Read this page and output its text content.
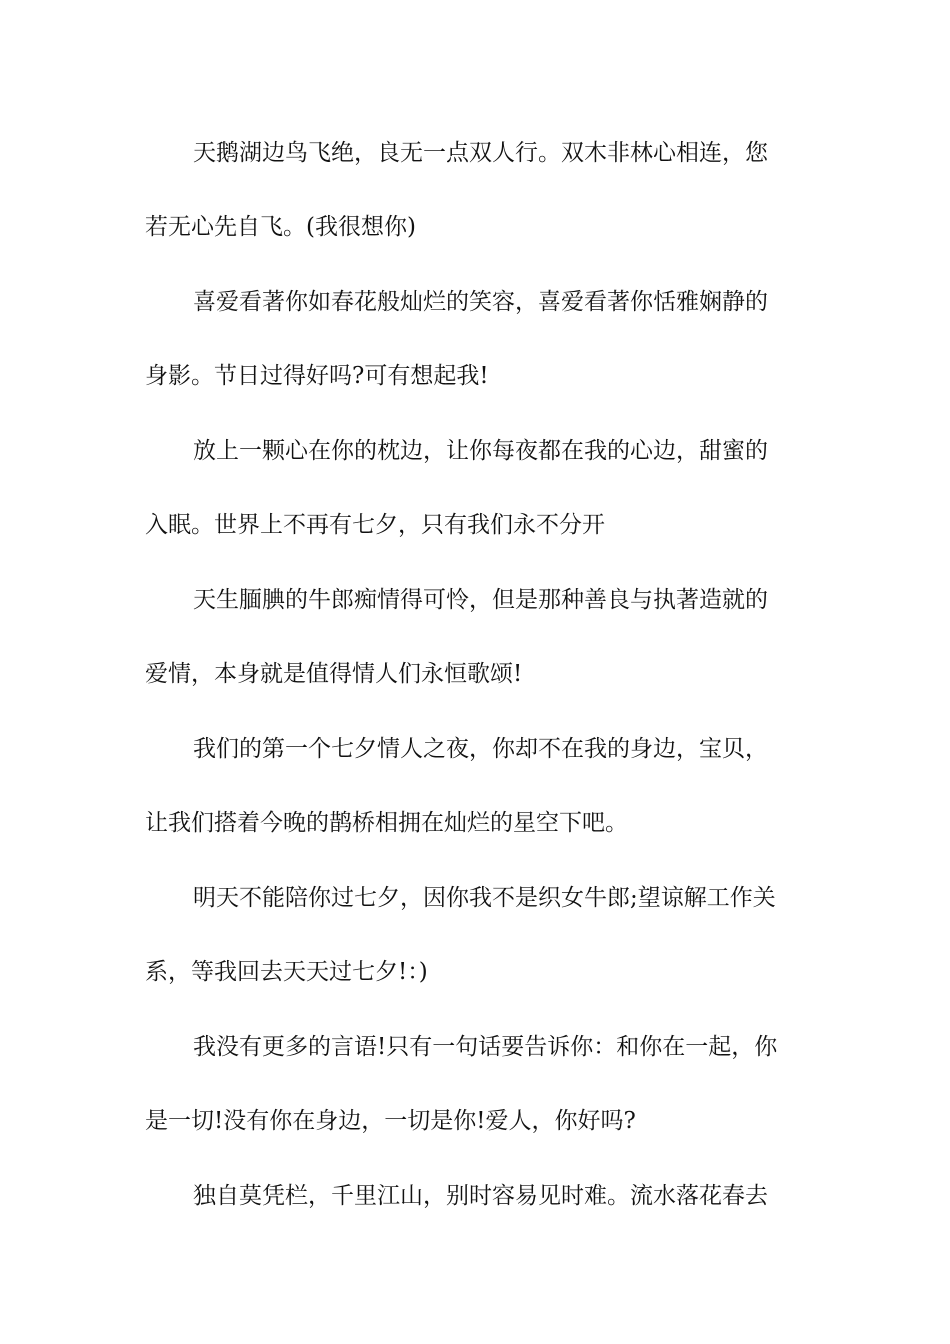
天鹅湖边鸟飞绝，良无一点双人行。双木非林心相连，您

若无心先自飞。(我很想你)

喜爱看著你如春花般灿烂的笑容，喜爱看著你恬雅娴静的

身影。节日过得好吗?可有想起我!

放上一颗心在你的枕边，让你每夜都在我的心边，甜蜜的

入眠。世界上不再有七夕，只有我们永不分开

天生腼腆的牛郎痴情得可怜，但是那种善良与执著造就的

爱情，本身就是值得情人们永恒歌颂!

我们的第一个七夕情人之夜，你却不在我的身边，宝贝，

让我们搭着今晚的鹊桥相拥在灿烂的星空下吧。

明天不能陪你过七夕，因你我不是织女牛郎;望谅解工作关

系，等我回去天天过七夕!：)

我没有更多的言语!只有一句话要告诉你：和你在一起，你

是一切!没有你在身边，一切是你!爱人，你好吗?

独自莫凭栏，千里江山，别时容易见时难。流水落花春去
